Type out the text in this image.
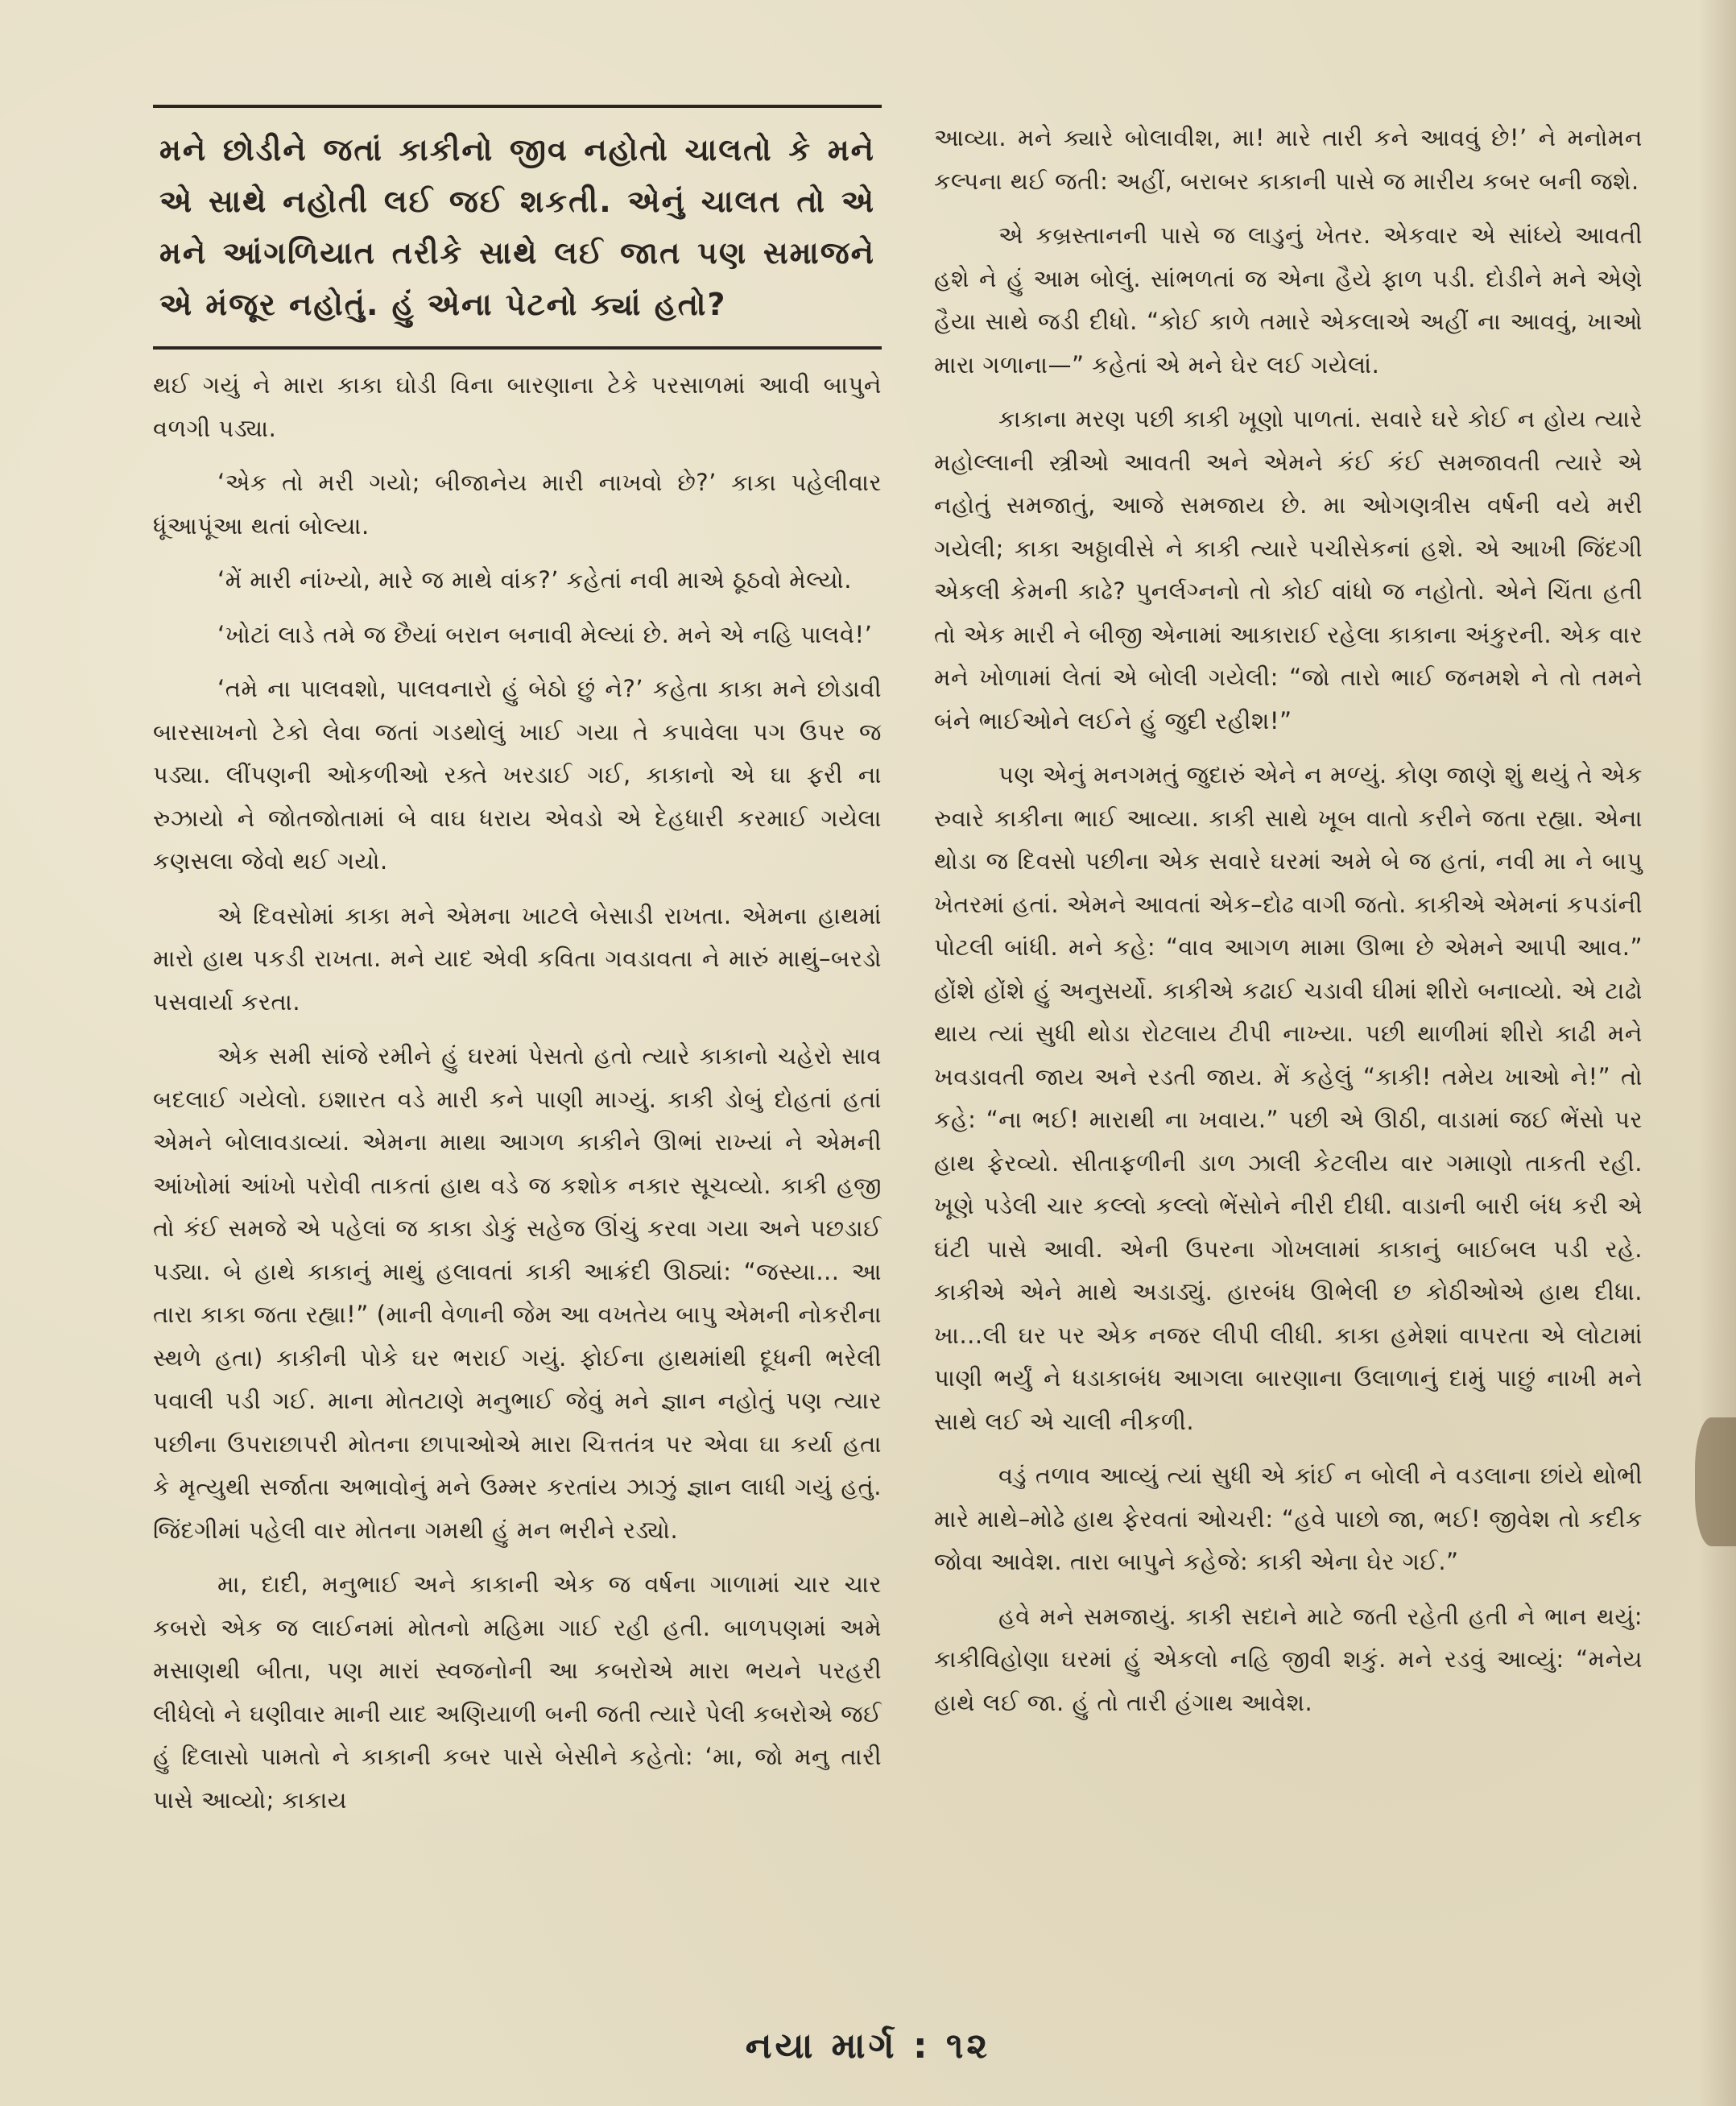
મને છોડીને જતાં કાકીનો જીવ નહોતો ચાલતો કે મને એ સાથે નહોતી લઈ જઈ શકતી. એનું ચાલત તો એ મને આંગળિયાત તરીકે સાથે લઈ જાત પણ સમાજને એ મંજૂર નહોતું. હું એના પેટનો ક્યાં હતો?

થઈ ગયું ને મારા કાકા ઘોડી વિના બારણાના ટેકે પરસાળમાં આવી બાપુને વળગી પડ્યા.

‘એક તો મરી ગયો; બીજાનેય મારી નાખવો છે?’ કાકા પહેલીવાર ધૂંઆપૂંઆ થતાં બોલ્યા.

‘મેં મારી નાંખ્યો, મારે જ માથે વાંક?’ કહેતાં નવી માએ ઠૂઠવો મેલ્યો.

‘ખોટાં લાડે તમે જ છૈયાં બરાન બનાવી મેલ્યાં છે. મને એ નહિ પાલવે!’

‘તમે ના પાલવશો, પાલવનારો હું બેઠો છું ને?’ કહેતા કાકા મને છોડાવી બારસાખનો ટેકો લેવા જતાં ગડથોલું ખાઈ ગયા તે કપાવેલા પગ ઉપર જ પડ્યા. લીંપણની ઓકળીઓ રક્તે ખરડાઈ ગઈ, કાકાનો એ ઘા ફરી ના રુઝાયો ને જોતજોતામાં બે વાઘ ધરાય એવડો એ દેહધારી કરમાઈ ગયેલા કણસલા જેવો થઈ ગયો.

એ દિવસોમાં કાકા મને એમના ખાટલે બેસાડી રાખતા. એમના હાથમાં મારો હાથ પકડી રાખતા. મને યાદ એવી કવિતા ગવડાવતા ને મારું માથું–બરડો પસવાર્યા કરતા.

એક સમી સાંજે રમીને હું ઘરમાં પેસતો હતો ત્યારે કાકાનો ચહેરો સાવ બદલાઈ ગયેલો. ઇશારત વડે મારી કને પાણી માગ્યું. કાકી ડોબું દોહતાં હતાં એમને બોલાવડાવ્યાં. એમના માથા આગળ કાકીને ઊભાં રાખ્યાં ને એમની આંખોમાં આંખો પરોવી તાકતાં હાથ વડે જ કશોક નકાર સૂચવ્યો. કાકી હજી તો કંઈ સમજે એ પહેલાં જ કાકા ડોકું સહેજ ઊંચું કરવા ગયા અને પછડાઈ પડ્યા. બે હાથે કાકાનું માથું હલાવતાં કાકી આક્રંદી ઊઠ્યાં: “જસ્યા... આ તારા કાકા જતા રહ્યા!” (માની વેળાની જેમ આ વખતેય બાપુ એમની નોકરીના સ્થળે હતા) કાકીની પોકે ઘર ભરાઈ ગયું. ફોઈના હાથમાંથી દૂધની ભરેલી પવાલી પડી ગઈ. માના મોતટાણે મનુભાઈ જેવું મને જ્ઞાન નહોતું પણ ત્યાર પછીના ઉપરાછાપરી મોતના છાપાઓએ મારા ચિત્તતંત્ર પર એવા ઘા કર્યા હતા કે મૃત્યુથી સર્જાતા અભાવોનું મને ઉમ્મર કરતાંય ઝાઝું જ્ઞાન લાધી ગયું હતું. જિંદગીમાં પહેલી વાર મોતના ગમથી હું મન ભરીને રડ્યો.

મા, દાદી, મનુભાઈ અને કાકાની એક જ વર્ષના ગાળામાં ચાર ચાર કબરો એક જ લાઈનમાં મોતનો મહિમા ગાઈ રહી હતી. બાળપણમાં અમે મસાણથી બીતા, પણ મારાં સ્વજનોની આ કબરોએ મારા ભયને પરહરી લીધેલો ને ઘણીવાર માની યાદ અણિયાળી બની જતી ત્યારે પેલી કબરોએ જઈ હું દિલાસો પામતો ને કાકાની કબર પાસે બેસીને કહેતો: ‘મા, જો મનુ તારી પાસે આવ્યો; કાકાય

આવ્યા. મને ક્યારે બોલાવીશ, મા! મારે તારી કને આવવું છે!’ ને મનોમન કલ્પના થઈ જતી: અહીં, બરાબર કાકાની પાસે જ મારીય કબર બની જશે.

એ કબ્રસ્તાનની પાસે જ લાડુનું ખેતર. એકવાર એ સાંધ્યે આવતી હશે ને હું આમ બોલું. સાંભળતાં જ એના હૈયે ફાળ પડી. દોડીને મને એણે હૈયા સાથે જડી દીધો. “કોઈ કાળે તમારે એકલાએ અહીં ના આવવું, ખાઓ મારા ગળાના—” કહેતાં એ મને ઘેર લઈ ગયેલાં.

કાકાના મરણ પછી કાકી ખૂણો પાળતાં. સવારે ઘરે કોઈ ન હોય ત્યારે મહોલ્લાની સ્ત્રીઓ આવતી અને એમને કંઈ કંઈ સમજાવતી ત્યારે એ નહોતું સમજાતું, આજે સમજાય છે. મા ઓગણત્રીસ વર્ષની વયે મરી ગયેલી; કાકા અઠ્ઠાવીસે ને કાકી ત્યારે પચીસેકનાં હશે. એ આખી જિંદગી એકલી કેમની કાઢે? પુનર્લગ્નનો તો કોઈ વાંધો જ નહોતો. એને ચિંતા હતી તો એક મારી ને બીજી એનામાં આકારાઈ રહેલા કાકાના અંકુરની. એક વાર મને ખોળામાં લેતાં એ બોલી ગયેલી: “જો તારો ભાઈ જનમશે ને તો તમને બંને ભાઈઓને લઈને હું જુદી રહીશ!”

પણ એનું મનગમતું જુદારું એને ન મળ્યું. કોણ જાણે શું થયું તે એક રુવારે કાકીના ભાઈ આવ્યા. કાકી સાથે ખૂબ વાતો કરીને જતા રહ્યા. એના થોડા જ દિવસો પછીના એક સવારે ઘરમાં અમે બે જ હતાં, નવી મા ને બાપુ ખેતરમાં હતાં. એમને આવતાં એક–દોઢ વાગી જતો. કાકીએ એમનાં કપડાંની પોટલી બાંધી. મને કહે: “વાવ આગળ મામા ઊભા છે એમને આપી આવ.” હોંશે હોંશે હું અનુસર્યો. કાકીએ કઢાઈ ચડાવી ઘીમાં શીરો બનાવ્યો. એ ટાઢો થાય ત્યાં સુધી થોડા રોટલાય ટીપી નાખ્યા. પછી થાળીમાં શીરો કાઢી મને ખવડાવતી જાય અને રડતી જાય. મેં કહેલું “કાકી! તમેય ખાઓ ને!” તો કહે: “ના ભઈ! મારાથી ના ખવાય.” પછી એ ઊઠી, વાડામાં જઈ ભેંસો પર હાથ ફેરવ્યો. સીતાફળીની ડાળ ઝાલી કેટલીય વાર ગમાણો તાકતી રહી. ખૂણે પડેલી ચાર કલ્લો કલ્લો ભેંસોને નીરી દીધી. વાડાની બારી બંધ કરી એ ઘંટી પાસે આવી. એની ઉપરના ગોખલામાં કાકાનું બાઈબલ પડી રહે. કાકીએ એને માથે અડાડ્યું. હારબંધ ઊભેલી છ કોઠીઓએ હાથ દીધા. ખા...લી ઘર પર એક નજર લીપી લીધી. કાકા હમેશાં વાપરતા એ લોટામાં પાણી ભર્યું ને ધડાકાબંધ આગલા બારણાના ઉલાળાનું દામું પાછું નાખી મને સાથે લઈ એ ચાલી નીકળી.

વડું તળાવ આવ્યું ત્યાં સુધી એ કાંઈ ન બોલી ને વડલાના છાંયે થોભી મારે માથે–મોઢે હાથ ફેરવતાં ઓચરી: “હવે પાછો જા, ભઈ! જીવેશ તો કદીક જોવા આવેશ. તારા બાપુને કહેજે: કાકી એના ઘેર ગઈ.”

હવે મને સમજાયું. કાકી સદાને માટે જતી રહેતી હતી ને ભાન થયું: કાકીવિહોણા ઘરમાં હું એકલો નહિ જીવી શકું. મને રડવું આવ્યું: “મનેય હાથે લઈ જા. હું તો તારી હંગાથ આવેશ.

નયા માર્ગ : ૧૨
